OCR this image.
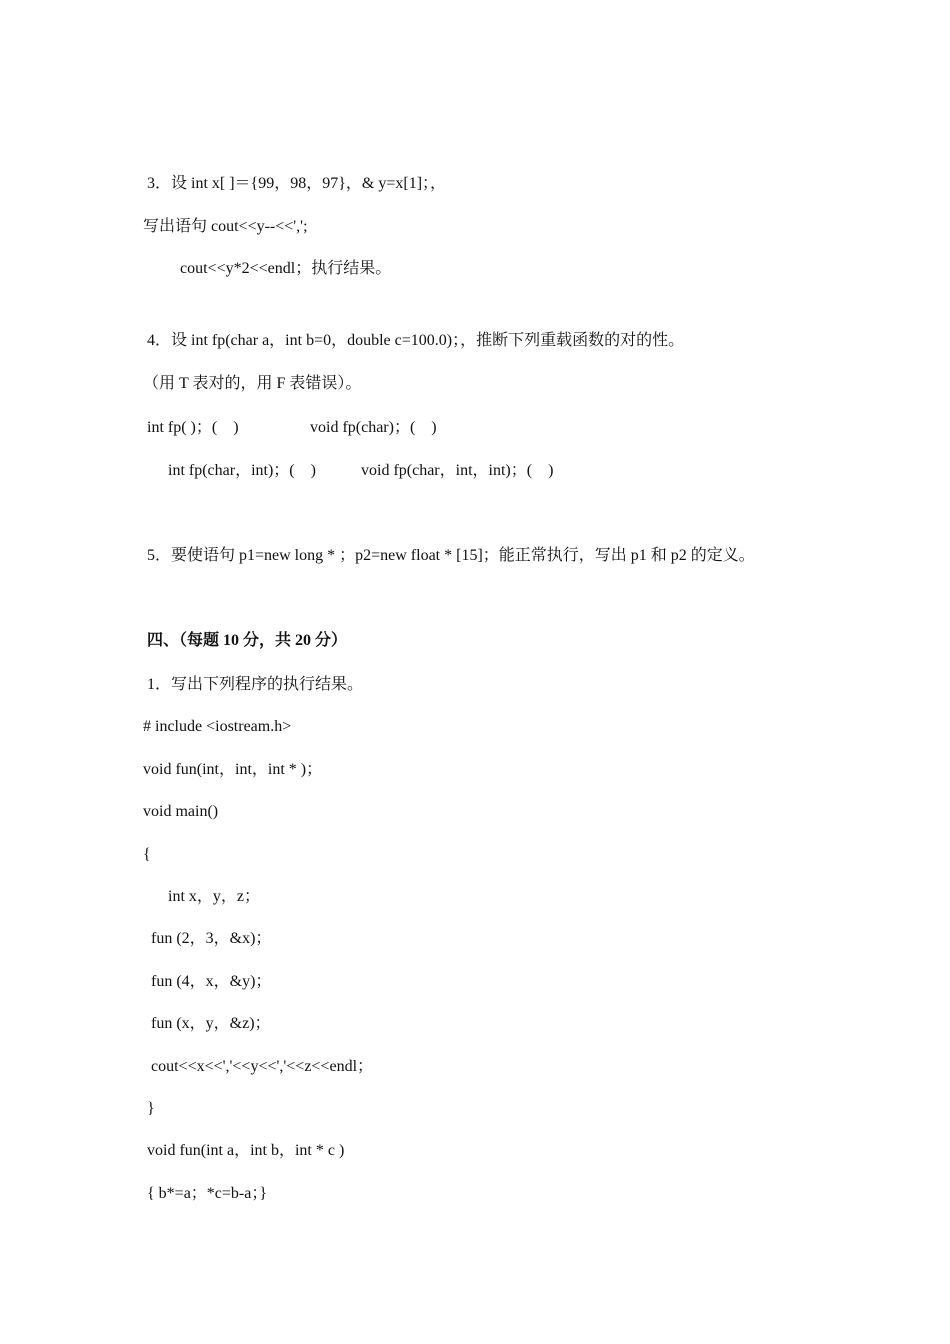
3．设 int x[ ]＝{99，98，97}，& y=x[1]；，
写出语句 cout<<y--<<',';
cout<<y*2<<endl；执行结果。
4．设 int fp(char a，int b=0，double c=100.0)；，推断下列重载函数的对的性。
（用 T 表对的，用 F 表错误）。
int fp( )；(    )	void fp(char)；(    )
int fp(char，int)；(    )	void fp(char，int，int)；(    )
5．要使语句 p1=new long * ；p2=new float * [15]；能正常执行，写出 p1 和 p2 的定义。
四、（每题 10 分，共 20 分）
1．写出下列程序的执行结果。
# include <iostream.h>
void fun(int，int，int * )；
void main()
{
int x，y，z；
fun (2，3，&x)；
fun (4，x，&y)；
fun (x，y，&z)；
cout<<x<<','<<y<<','<<z<<endl；
}
void fun(int a，int b，int * c )
{ b*=a；*c=b-a；}
